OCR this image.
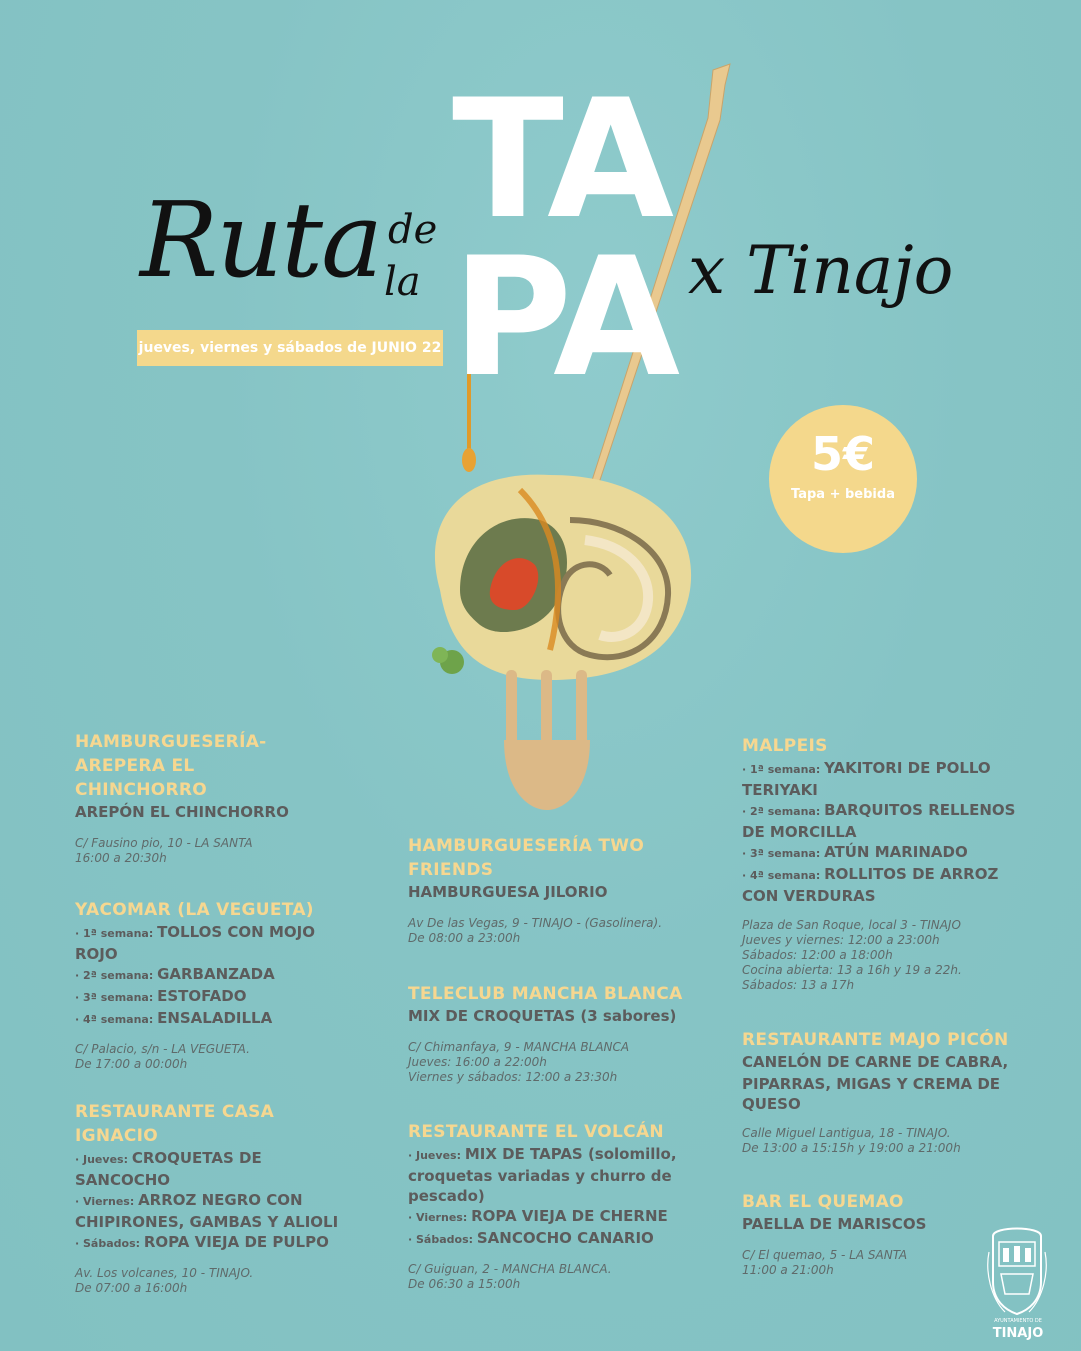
Ruta de
la
TA
PA x Tinajo
jueves, viernes y sábados de JUNIO 22
5€
Tapa + bebida
HAMBURGUESERÍA-AREPERA EL CHINCHORRO
AREPÓN EL CHINCHORRO
C/ Fausino pio, 10 - LA SANTA
16:00 a 20:30h
YACOMAR (LA VEGUETA)
· 1ª semana: TOLLOS CON MOJO ROJO
· 2ª semana: GARBANZADA
· 3ª semana: ESTOFADO
· 4ª semana: ENSALADILLA
C/ Palacio, s/n - LA VEGUETA.
De 17:00 a 00:00h
RESTAURANTE CASA IGNACIO
· Jueves: CROQUETAS DE SANCOCHO
· Viernes: ARROZ NEGRO CON CHIPIRONES, GAMBAS Y ALIOLI
· Sábados: ROPA VIEJA DE PULPO
Av. Los volcanes, 10 - TINAJO.
De 07:00 a 16:00h
HAMBURGUESERÍA TWO FRIENDS
HAMBURGUESA JILORIO
Av De las Vegas, 9 - TINAJO - (Gasolinera).
De 08:00 a 23:00h
TELECLUB MANCHA BLANCA
MIX DE CROQUETAS (3 sabores)
C/ Chimanfaya, 9 - MANCHA BLANCA
Jueves: 16:00 a 22:00h
Viernes y sábados: 12:00 a 23:30h
RESTAURANTE EL VOLCÁN
· Jueves: MIX DE TAPAS (solomillo, croquetas variadas y churro de pescado)
· Viernes: ROPA VIEJA DE CHERNE
· Sábados: SANCOCHO CANARIO
C/ Guiguan, 2 - MANCHA BLANCA.
De 06:30 a 15:00h
MALPEIS
· 1ª semana: YAKITORI DE POLLO TERIYAKI
· 2ª semana: BARQUITOS RELLENOS DE MORCILLA
· 3ª semana: ATÚN MARINADO
· 4ª semana: ROLLITOS DE ARROZ CON VERDURAS
Plaza de San Roque, local 3 - TINAJO
Jueves y viernes: 12:00 a 23:00h
Sábados: 12:00 a 18:00h
Cocina abierta: 13 a 16h y 19 a 22h.
Sábados: 13 a 17h
RESTAURANTE MAJO PICÓN
CANELÓN DE CARNE DE CABRA, PIPARRAS, MIGAS Y CREMA DE QUESO
Calle Miguel Lantigua, 18 - TINAJO.
De 13:00 a 15:15h y 19:00 a 21:00h
BAR EL QUEMAO
PAELLA DE MARISCOS
C/ El quemao, 5 - LA SANTA
11:00 a 21:00h
AYUNTAMIENTO DE
TINAJO
